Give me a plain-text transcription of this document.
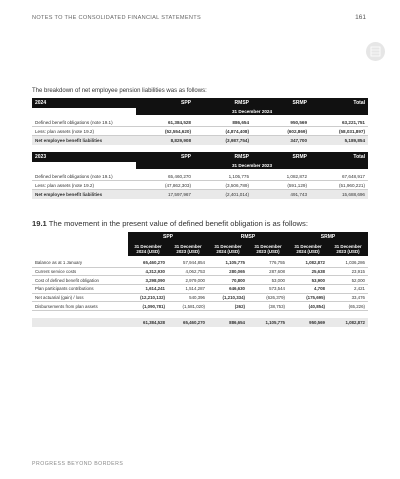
NOTES TO THE CONSOLIDATED FINANCIAL STATEMENTS	161
The breakdown of net employee pension liabilities was as follows:
2024	SPP	RMSP	SRMP	Total
	31 December 2024			

Defined benefit obligations (note 19.1)	61,384,528	886,654	950,569	63,221,751
Less: plan assets (note 19.2)	(52,554,620)	(4,874,408)	(602,869)	(58,031,897)
Net employee benefit liabilities	8,829,908	(3,987,754)	347,700	5,189,854
2023	SPP	RMSP	SRMP	Total
	31 December 2023			

Defined benefit obligations (note 19.1)	65,460,270	1,105,775	1,082,872	67,648,917
Less: plan assets (note 19.2)	(47,862,303)	(3,506,789)	(591,129)	(51,960,221)
Net employee benefit liabilities	17,597,967	(2,401,014)	491,743	15,688,696
19.1 The movement in the present value of defined benefit obligation is as follows:
	SPP		RMSP		SRMP	
	31 December 2024 (USD)	31 December 2023 (USD)	31 December 2024 (USD)	31 December 2023 (USD)	31 December 2024 (USD)	31 December 2023 (USD)

Balance as at 1 January	65,460,270	57,944,854	1,105,775	776,755	1,082,872	1,036,286
Current service costs	4,312,930	4,062,753	280,065	287,608	25,638	23,915
Cost of defined benefit obligation	3,298,090	2,979,000	70,800	53,000	53,900	52,000
Plan participants contributions	1,614,241	1,514,287	646,630	573,544	4,708	2,421
Net actuarial (gain) / loss	(12,210,132)	540,396	(1,210,334)	(626,379)	(175,695)	33,476
Disbursements from plan assets	(1,090,781)	(1,581,020)	(262)	(38,753)	(40,854)	(65,226)

	61,384,528	65,460,270	886,654	1,105,775	950,569	1,082,872
PROGRESS BEYOND BORDERS
